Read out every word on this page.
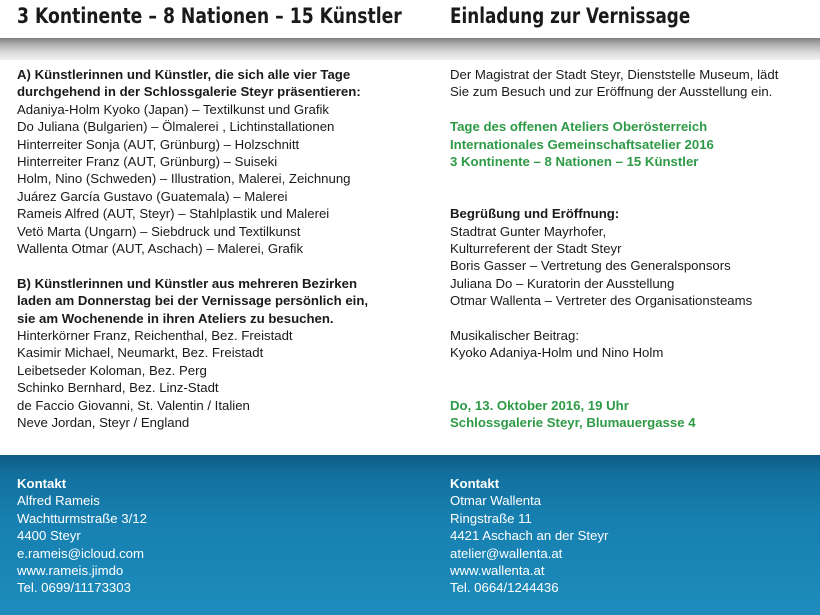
3 Kontinente – 8 Nationen – 15 Künstler Einladung zur Vernissage
A) Künstlerinnen und Künstler, die sich alle vier Tage
durchgehend in der Schlossgalerie Steyr präsentieren:
Adaniya-Holm Kyoko (Japan) – Textilkunst und Grafik
Do Juliana (Bulgarien) – Ölmalerei , Lichtinstallationen
Hinterreiter Sonja (AUT, Grünburg) – Holzschnitt
Hinterreiter Franz (AUT, Grünburg) – Suiseki
Holm, Nino (Schweden) – Illustration, Malerei, Zeichnung
Juárez García Gustavo (Guatemala) – Malerei
Rameis Alfred (AUT, Steyr) – Stahlplastik und Malerei
Vetö Marta (Ungarn) – Siebdruck und Textilkunst
Wallenta Otmar (AUT, Aschach) – Malerei, Grafik
B) Künstlerinnen und Künstler aus mehreren Bezirken
laden am Donnerstag bei der Vernissage persönlich ein,
sie am Wochenende in ihren Ateliers zu besuchen.
Hinterkörner Franz, Reichenthal, Bez. Freistadt
Kasimir Michael, Neumarkt, Bez. Freistadt
Leibetseder Koloman, Bez. Perg
Schinko Bernhard, Bez. Linz-Stadt
de Faccio Giovanni, St. Valentin / Italien
Neve Jordan, Steyr / England
Der Magistrat der Stadt Steyr, Dienststelle Museum, lädt
Sie zum Besuch und zur Eröffnung der Ausstellung ein.
Tage des offenen Ateliers Oberösterreich
Internationales Gemeinschaftsatelier 2016
3 Kontinente – 8 Nationen – 15 Künstler
Begrüßung und Eröffnung:
Stadtrat Gunter Mayrhofer,
Kulturreferent der Stadt Steyr
Boris Gasser – Vertretung des Generalsponsors
Juliana Do – Kuratorin der Ausstellung
Otmar Wallenta – Vertreter des Organisationsteams
Musikalischer Beitrag:
Kyoko Adaniya-Holm und Nino Holm
Do, 13. Oktober 2016, 19 Uhr
Schlossgalerie Steyr, Blumauergasse 4
Kontakt
Alfred Rameis
Wachtturmstraße 3/12
4400 Steyr
e.rameis@icloud.com
www.rameis.jimdo
Tel. 0699/11173303
Kontakt
Otmar Wallenta
Ringstraße 11
4421 Aschach an der Steyr
atelier@wallenta.at
www.wallenta.at
Tel. 0664/1244436
